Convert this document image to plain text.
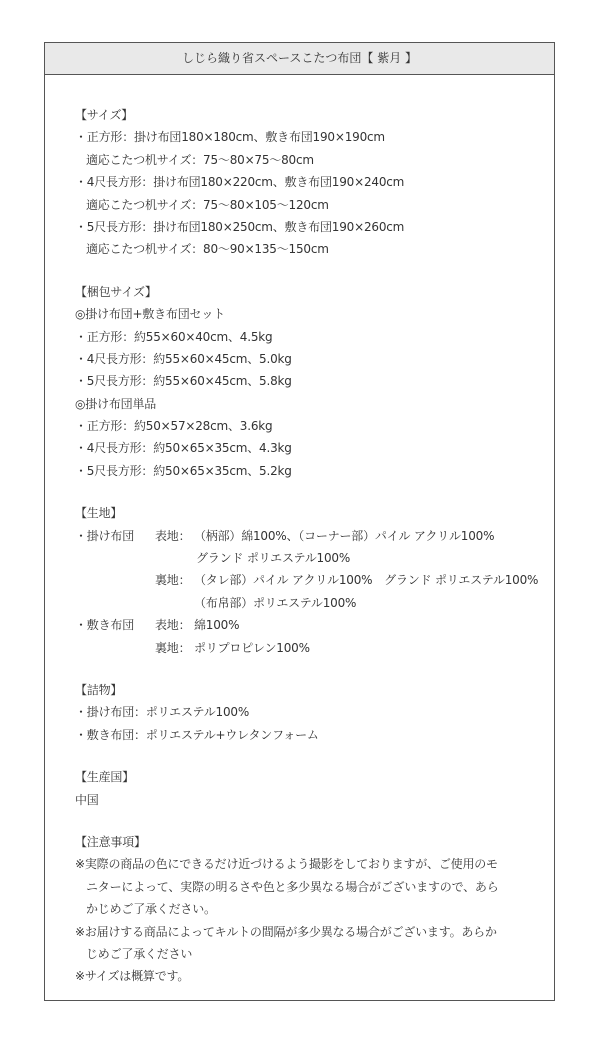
しじら織り省スペースこたつ布団【 紫月 】
【サイズ】
・正方形：掛け布団180×180cm、敷き布団190×190cm
適応こたつ机サイズ：75～80×75～80cm
・4尺長方形：掛け布団180×220cm、敷き布団190×240cm
適応こたつ机サイズ：75～80×105～120cm
・5尺長方形：掛け布団180×250cm、敷き布団190×260cm
適応こたつ机サイズ：80～90×135～150cm
【梱包サイズ】
◎掛け布団+敷き布団セット
・正方形：約55×60×40cm、4.5kg
・4尺長方形：約55×60×45cm、5.0kg
・5尺長方形：約55×60×45cm、5.8kg
◎掛け布団単品
・正方形：約50×57×28cm、3.6kg
・4尺長方形：約50×65×35cm、4.3kg
・5尺長方形：約50×65×35cm、5.2kg
【生地】
・掛け布団 表地： （柄部）綿100%、（コーナー部）パイル アクリル100%
グランド ポリエステル100%
裏地： （タレ部）パイル アクリル100%　グランド ポリエステル100%
（布帛部）ポリエステル100%
・敷き布団 表地： 綿100%
裏地： ポリプロピレン100%
【詰物】
・掛け布団：ポリエステル100%
・敷き布団：ポリエステル+ウレタンフォーム
【生産国】
中国
【注意事項】
※実際の商品の色にできるだけ近づけるよう撮影をしておりますが、ご使用のモ
ニターによって、実際の明るさや色と多少異なる場合がございますので、あら
かじめご了承ください。
※お届けする商品によってキルトの間隔が多少異なる場合がございます。あらか
じめご了承ください
※サイズは概算です。
